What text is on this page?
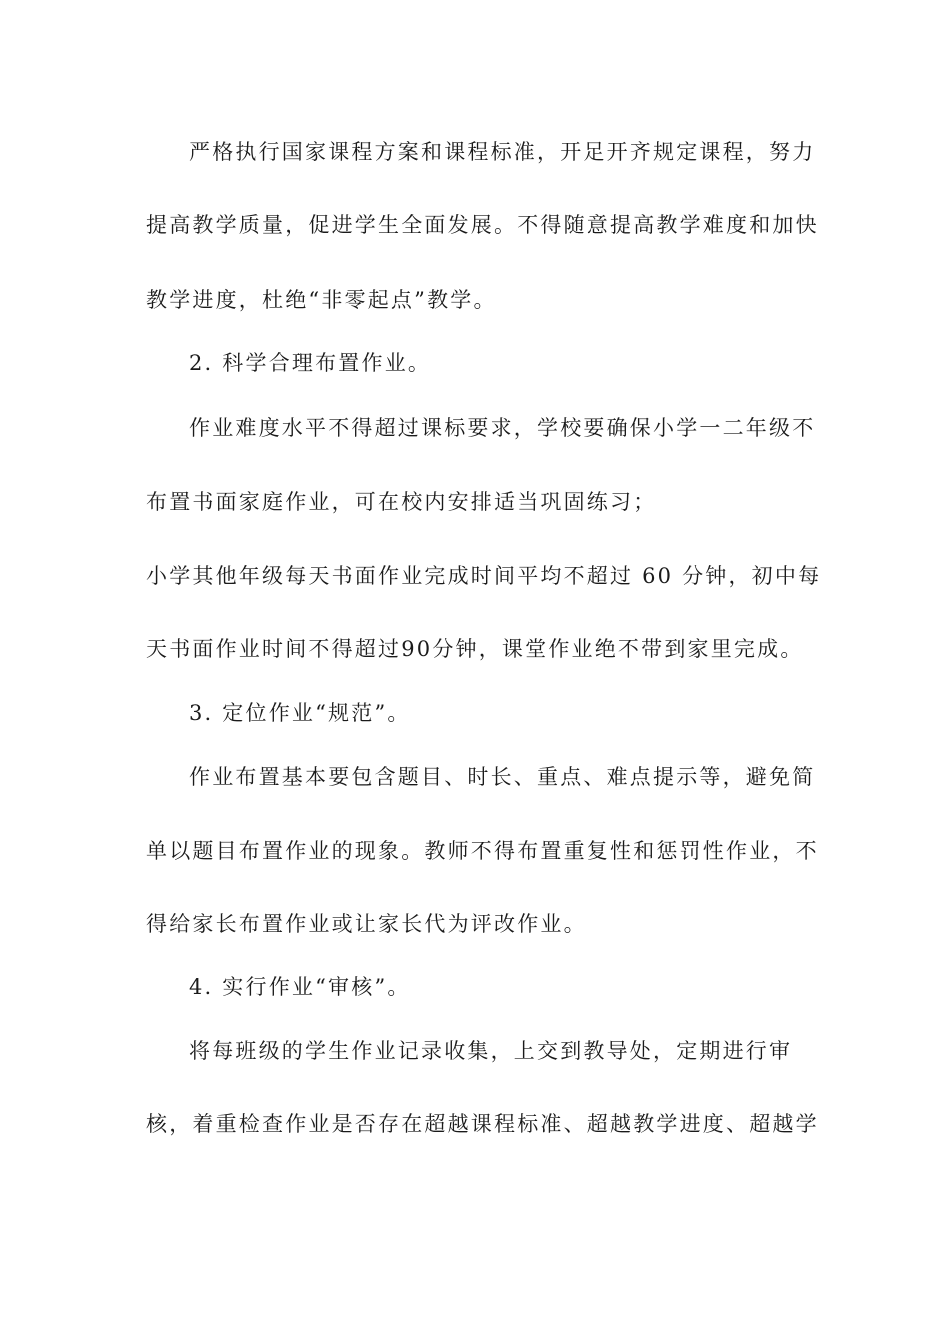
严格执行国家课程方案和课程标准，开足开齐规定课程，努力
提高教学质量，促进学生全面发展。不得随意提高教学难度和加快
教学进度，杜绝“非零起点”教学。
2. 科学合理布置作业。
作业难度水平不得超过课标要求，学校要确保小学一二年级不
布置书面家庭作业，可在校内安排适当巩固练习；
小学其他年级每天书面作业完成时间平均不超过 60 分钟，初中每
天书面作业时间不得超过90分钟，课堂作业绝不带到家里完成。
3. 定位作业“规范”。
作业布置基本要包含题目、时长、重点、难点提示等，避免简
单以题目布置作业的现象。教师不得布置重复性和惩罚性作业，不
得给家长布置作业或让家长代为评改作业。
4. 实行作业“审核”。
将每班级的学生作业记录收集，上交到教导处，定期进行审
核，着重检查作业是否存在超越课程标准、超越教学进度、超越学
